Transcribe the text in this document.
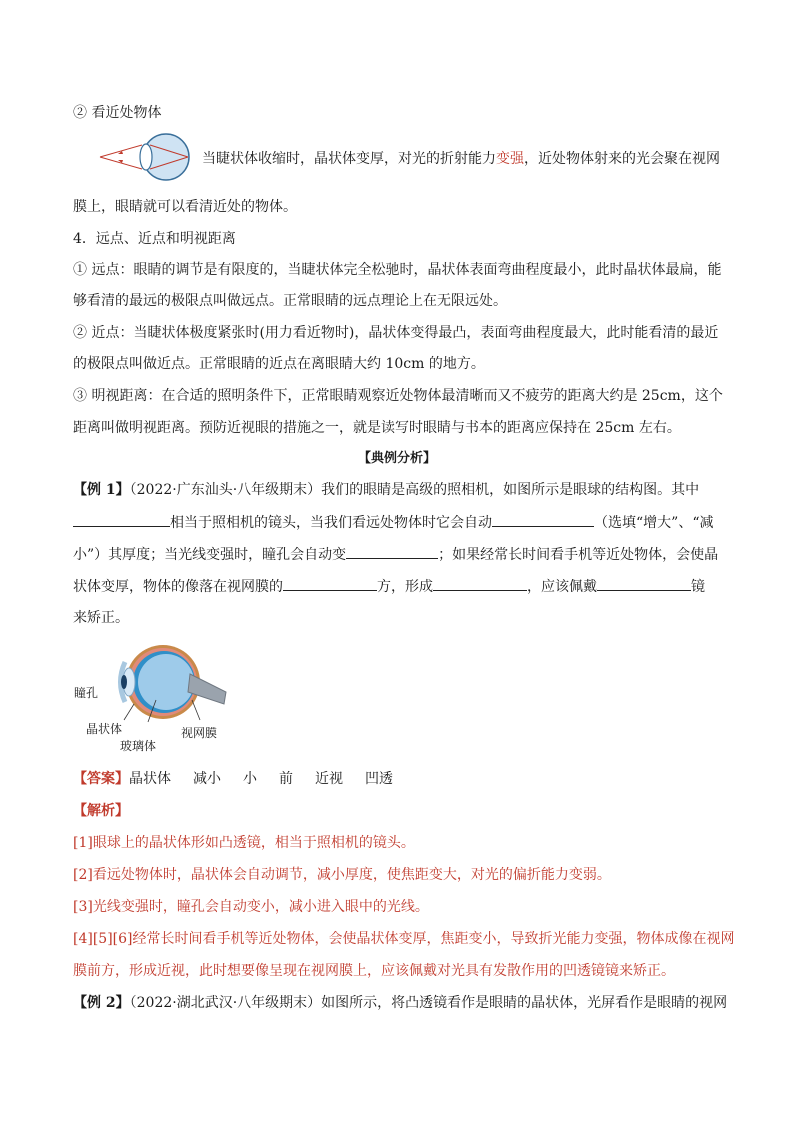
② 看近处物体
当睫状体收缩时，晶状体变厚，对光的折射能力变强，近处物体射来的光会聚在视网
膜上，眼睛就可以看清近处的物体。
4．远点、近点和明视距离
① 远点：眼睛的调节是有限度的，当睫状体完全松驰时，晶状体表面弯曲程度最小，此时晶状体最扁，能
够看清的最远的极限点叫做远点。正常眼睛的远点理论上在无限远处。
② 近点：当睫状体极度紧张时(用力看近物时)，晶状体变得最凸，表面弯曲程度最大，此时能看清的最近
的极限点叫做近点。正常眼睛的近点在离眼睛大约 10cm 的地方。
③ 明视距离：在合适的照明条件下，正常眼睛观察近处物体最清晰而又不疲劳的距离大约是 25cm，这个
距离叫做明视距离。预防近视眼的措施之一，就是读写时眼睛与书本的距离应保持在 25cm 左右。
【典例分析】
【例 1】（2022·广东汕头·八年级期末）我们的眼睛是高级的照相机，如图所示是眼球的结构图。其中
相当于照相机的镜头，当我们看远处物体时它会自动	（选填“增大”、“减
小”）其厚度；当光线变强时，瞳孔会自动变	；如果经常长时间看手机等近处物体，会使晶
状体变厚，物体的像落在视网膜的	方，形成	，应该佩戴	镜
来矫正。
瞳孔
晶状体
玻璃体
视网膜
【答案】晶状体 减小 小 前 近视 凹透
【解析】
[1]眼球上的晶状体形如凸透镜，相当于照相机的镜头。
[2]看远处物体时，晶状体会自动调节，减小厚度，使焦距变大，对光的偏折能力变弱。
[3]光线变强时，瞳孔会自动变小，减小进入眼中的光线。
[4][5][6]经常长时间看手机等近处物体，会使晶状体变厚，焦距变小，导致折光能力变强，物体成像在视网
膜前方，形成近视，此时想要像呈现在视网膜上，应该佩戴对光具有发散作用的凹透镜镜来矫正。
【例 2】（2022·湖北武汉·八年级期末）如图所示，将凸透镜看作是眼睛的晶状体，光屏看作是眼睛的视网
